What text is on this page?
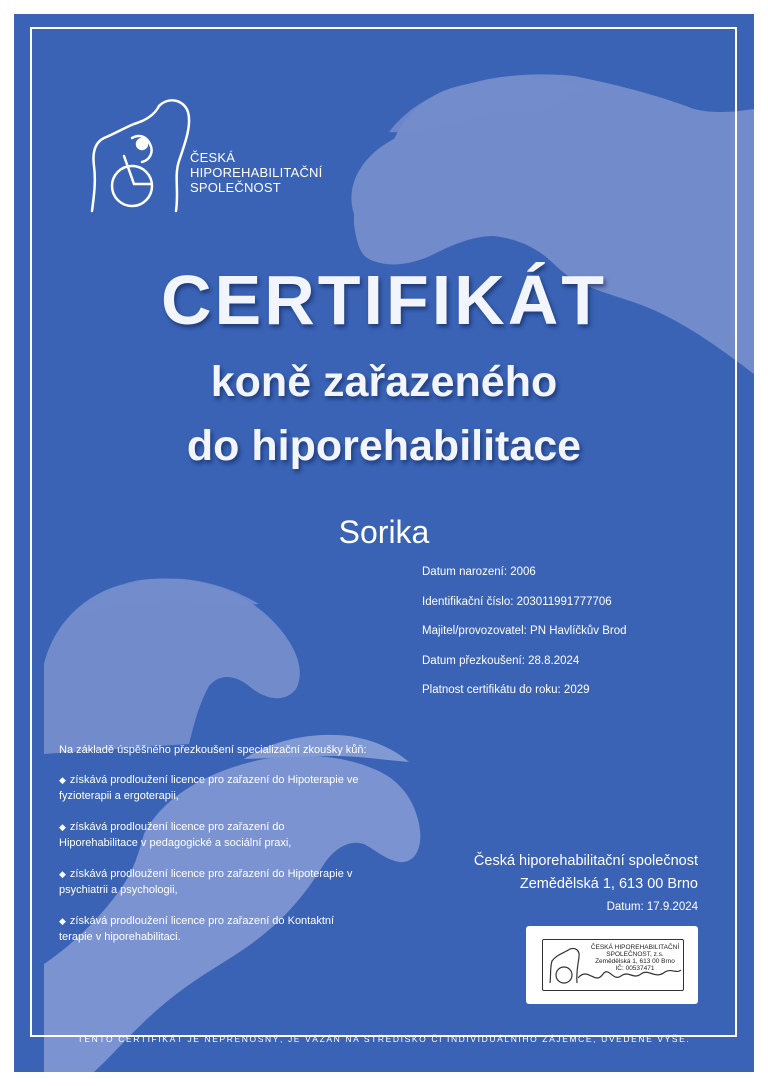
ČESKÁ
HIPOREHABILITAČNÍ
SPOLEČNOST
CERTIFIKÁT
koně zařazeného
do hiporehabilitace
Sorika
Datum narození: 2006
Identifikační číslo: 203011991777706
Majitel/provozovatel: PN Havlíčkův Brod
Datum přezkoušení: 28.8.2024
Platnost certifikátu do roku: 2029
Na základě úspěšného přezkoušení specializační zkoušky kůň:
◆ získává prodloužení licence pro zařazení do Hipoterapie ve
fyzioterapii a ergoterapii,
◆ získává prodloužení licence pro zařazení do
Hiporehabilitace v pedagogické a sociální praxi,
◆ získává prodloužení licence pro zařazení do Hipoterapie v
psychiatrii a psychologii,
◆ získává prodloužení licence pro zařazení do Kontaktní
terapie v hiporehabilitaci.
Česká hiporehabilitační společnost
Zemědělská 1, 613 00 Brno
Datum: 17.9.2024
ČESKÁ HIPOREHABILITAČNÍ
SPOLEČNOST, z.s.
Zemědělská 1, 613 00 Brno
IČ: 00537471
TENTO CERTIFIKÁT JE NEPŘENOSNÝ, JE VÁZÁN NA STŘEDISKO ČI INDIVIDUÁLNÍHO ZÁJEMCE, UVEDENÉ VÝŠE.
